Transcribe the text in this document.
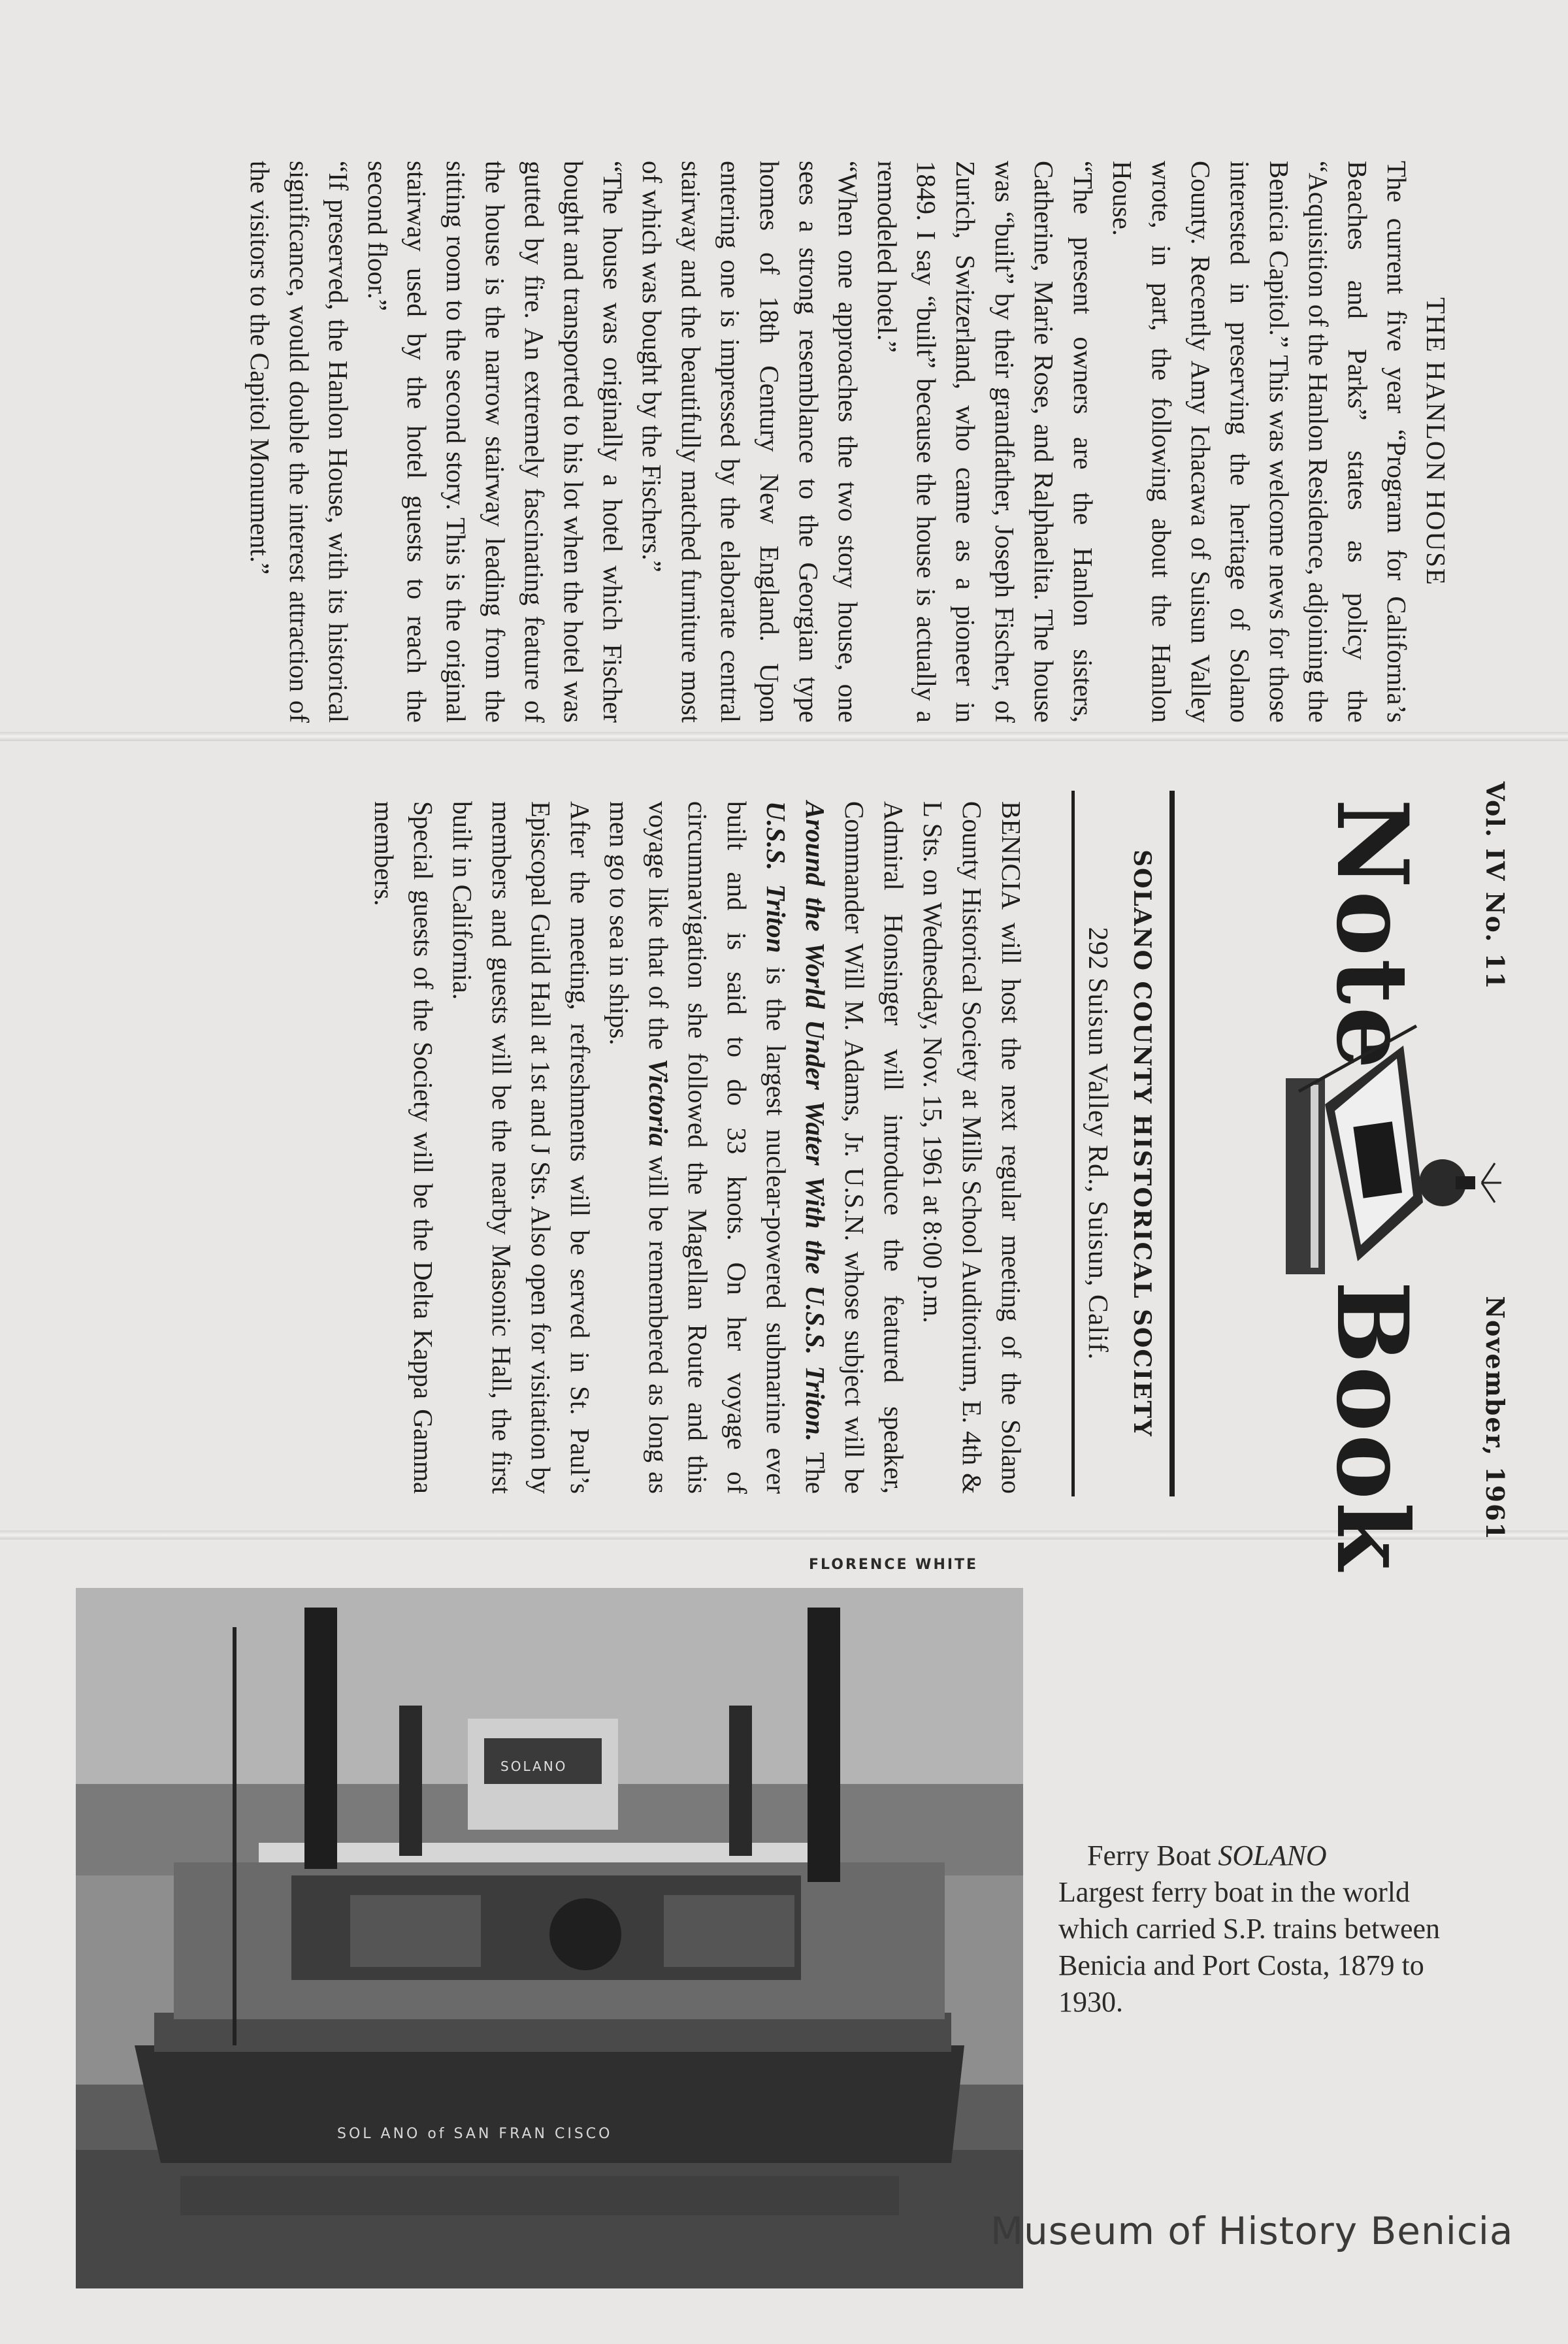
THE HANLON HOUSE

The current five year “Program for California’s Beaches and Parks” states as policy the “Acquisition of the Hanlon Residence, adjoining the Benicia Capitol.” This was welcome news for those interested in preserving the heritage of Solano County. Recently Amy Ichacawa of Suisun Valley wrote, in part, the following about the Hanlon House.

“The present owners are the Hanlon sisters, Catherine, Marie Rose, and Ralphaelita. The house was “built” by their grandfather, Joseph Fischer, of Zurich, Switzerland, who came as a pioneer in 1849. I say “built” because the house is actually a remodeled hotel.”

“When one approaches the two story house, one sees a strong resemblance to the Georgian type homes of 18th Century New England. Upon entering one is impressed by the elaborate central stairway and the beautifully matched furniture most of which was bought by the Fischers.”

“The house was originally a hotel which Fischer bought and transported to his lot when the hotel was gutted by fire. An extremely fascinating feature of the house is the narrow stairway leading from the sitting room to the second story. This is the original stairway used by the hotel guests to reach the second floor.”

“If preserved, the Hanlon House, with its historical significance, would double the interest attraction of the visitors to the Capitol Monument.”

Vol. IV No. 11
November, 1961
Note
Book
SOLANO COUNTY HISTORICAL SOCIETY
292 Suisun Valley Rd., Suisun, Calif.

BENICIA will host the next regular meeting of the Solano County Historical Society at Mills School Auditorium, E. 4th & L Sts. on Wednesday, Nov. 15, 1961 at 8:00 p.m.

Admiral Honsinger will introduce the featured speaker, Commander Will M. Adams, Jr. U.S.N. whose subject will be Around the World Under Water With the U.S.S. Triton. The U.S.S. Triton is the largest nuclear-powered submarine ever built and is said to do 33 knots. On her voyage of circumnavigation she followed the Magellan Route and this voyage like that of the Victoria will be remembered as long as men go to sea in ships.

After the meeting, refreshments will be served in St. Paul’s Episcopal Guild Hall at 1st and J Sts. Also open for visitation by members and guests will be the nearby Masonic Hall, the first built in California.

Special guests of the Society will be the Delta Kappa Gamma members.

FLORENCE WHITE
SOL ANO of SAN FRAN CISCO
SOLANO
Ferry Boat SOLANO
Largest ferry boat in the world which carried S.P. trains between Benicia and Port Costa, 1879 to 1930.
Museum of History Benicia
